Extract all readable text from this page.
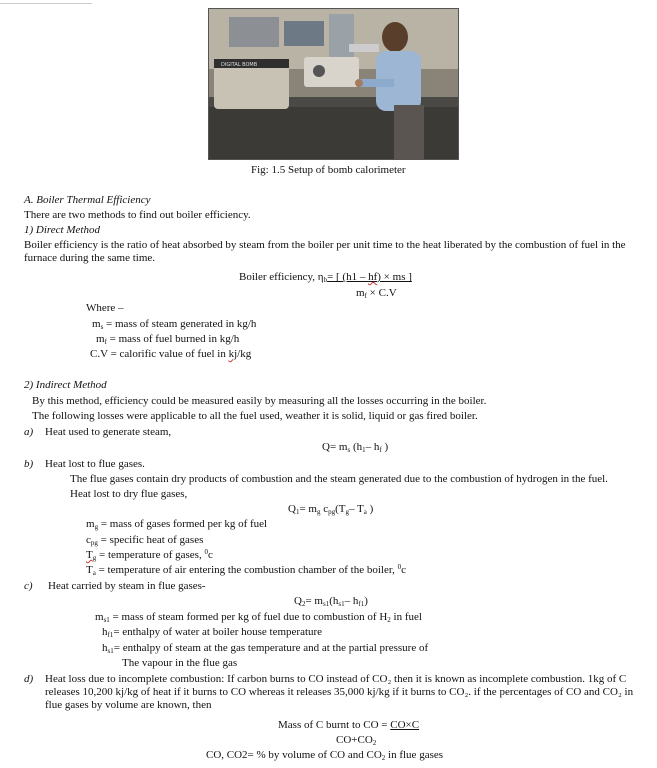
DIGITAL BOMB
Fig: 1.5 Setup of bomb calorimeter
A. Boiler Thermal Efficiency
There are two methods to find out boiler efficiency.
1) Direct Method
Boiler efficiency is the ratio of heat absorbed by steam from the boiler per unit time to the heat liberated by the combustion of fuel in the furnace during the same time.
Boiler efficiency, $\eta_b=$ [ (h1 – hf) × ms ]
$m_f \times C.V$
Where –
$m_s$ = mass of steam generated in kg/h
$m_f$ = mass of fuel burned in kg/h
C.V = calorific value of fuel in kj/kg
2) Indirect Method
By this method, efficiency could be measured easily by measuring all the losses occurring in the boiler.
The following losses were applicable to all the fuel used, weather it is solid, liquid or gas fired boiler.
a) Heat used to generate steam,
$Q= m_s$ ($h_1-$ $h_f$ )
b) Heat lost to flue gases.
The flue gases contain dry products of combustion and the steam generated due to the combustion of hydrogen in the fuel.
Heat lost to dry flue gases,
$Q_1= m_g$ $c_{pg}(T_g-$ $T_a$ )
$m_g$ = mass of gases formed per kg of fuel
$c_{pg}$ = specific heat of gases
$T_g$ = temperature of gases, $^0$c
$T_a$ = temperature of air entering the combustion chamber of the boiler, $^0$c
c) Heat carried by steam in flue gases-
$Q_2= m_{s1}(h_{s1}-$ $h_{f1}$)
$m_{s1}$ = mass of steam formed per kg of fuel due to combustion of $H_2$ in fuel
$h_{f1}=$ enthalpy of water at boiler house temperature
$h_{s1}=$ enthalpy of steam at the gas temperature and at the partial pressure of
The vapour in the flue gas
d) Heat loss due to incomplete combustion: If carbon burns to CO instead of CO₂ then it is known as incomplete combustion. 1kg of C releases 10,200 kj/kg of heat if it burns to CO whereas it releases 35,000 kj/kg if it burns to CO₂. if the percentages of CO and CO₂ in flue gases by volume are known, then
Mass of C burnt to CO = CO×C
$CO+CO_2$
CO, CO2= % by volume of CO and $CO_2$ in flue gases
